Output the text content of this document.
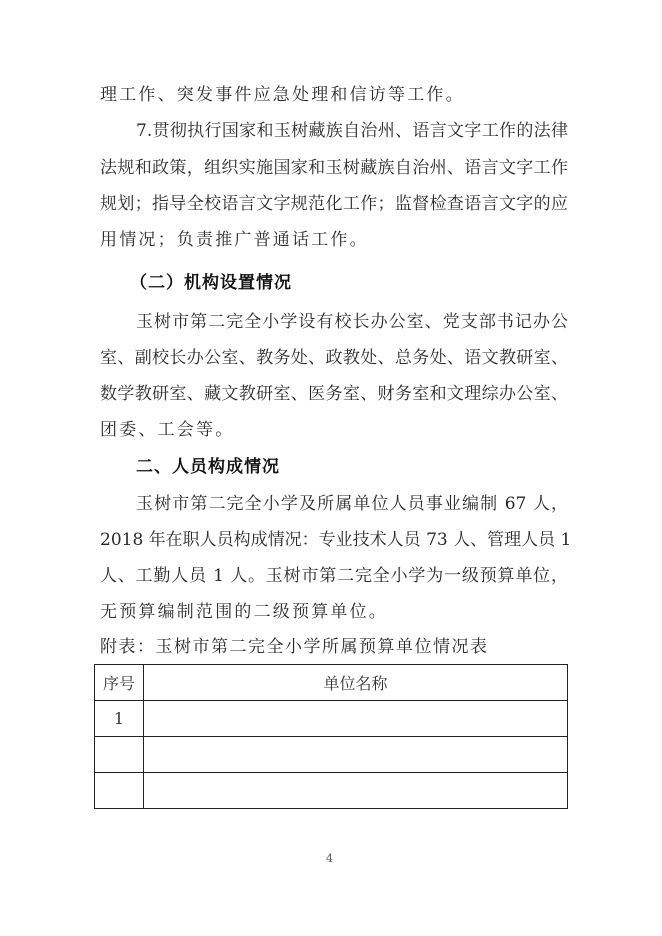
理工作、突发事件应急处理和信访等工作。
7.贯彻执行国家和玉树藏族自治州、语言文字工作的法律
法规和政策，组织实施国家和玉树藏族自治州、语言文字工作
规划；指导全校语言文字规范化工作；监督检查语言文字的应
用情况；负责推广普通话工作。
（二）机构设置情况
玉树市第二完全小学设有校长办公室、党支部书记办公
室、副校长办公室、教务处、政教处、总务处、语文教研室、
数学教研室、藏文教研室、医务室、财务室和文理综办公室、
团委、工会等。
二、人员构成情况
玉树市第二完全小学及所属单位人员事业编制 67 人，
2018 年在职人员构成情况：专业技术人员 73 人、管理人员 1
人、工勤人员 1 人。玉树市第二完全小学为一级预算单位，
无预算编制范围的二级预算单位。
附表：玉树市第二完全小学所属预算单位情况表
序号	单位名称
1	

4
